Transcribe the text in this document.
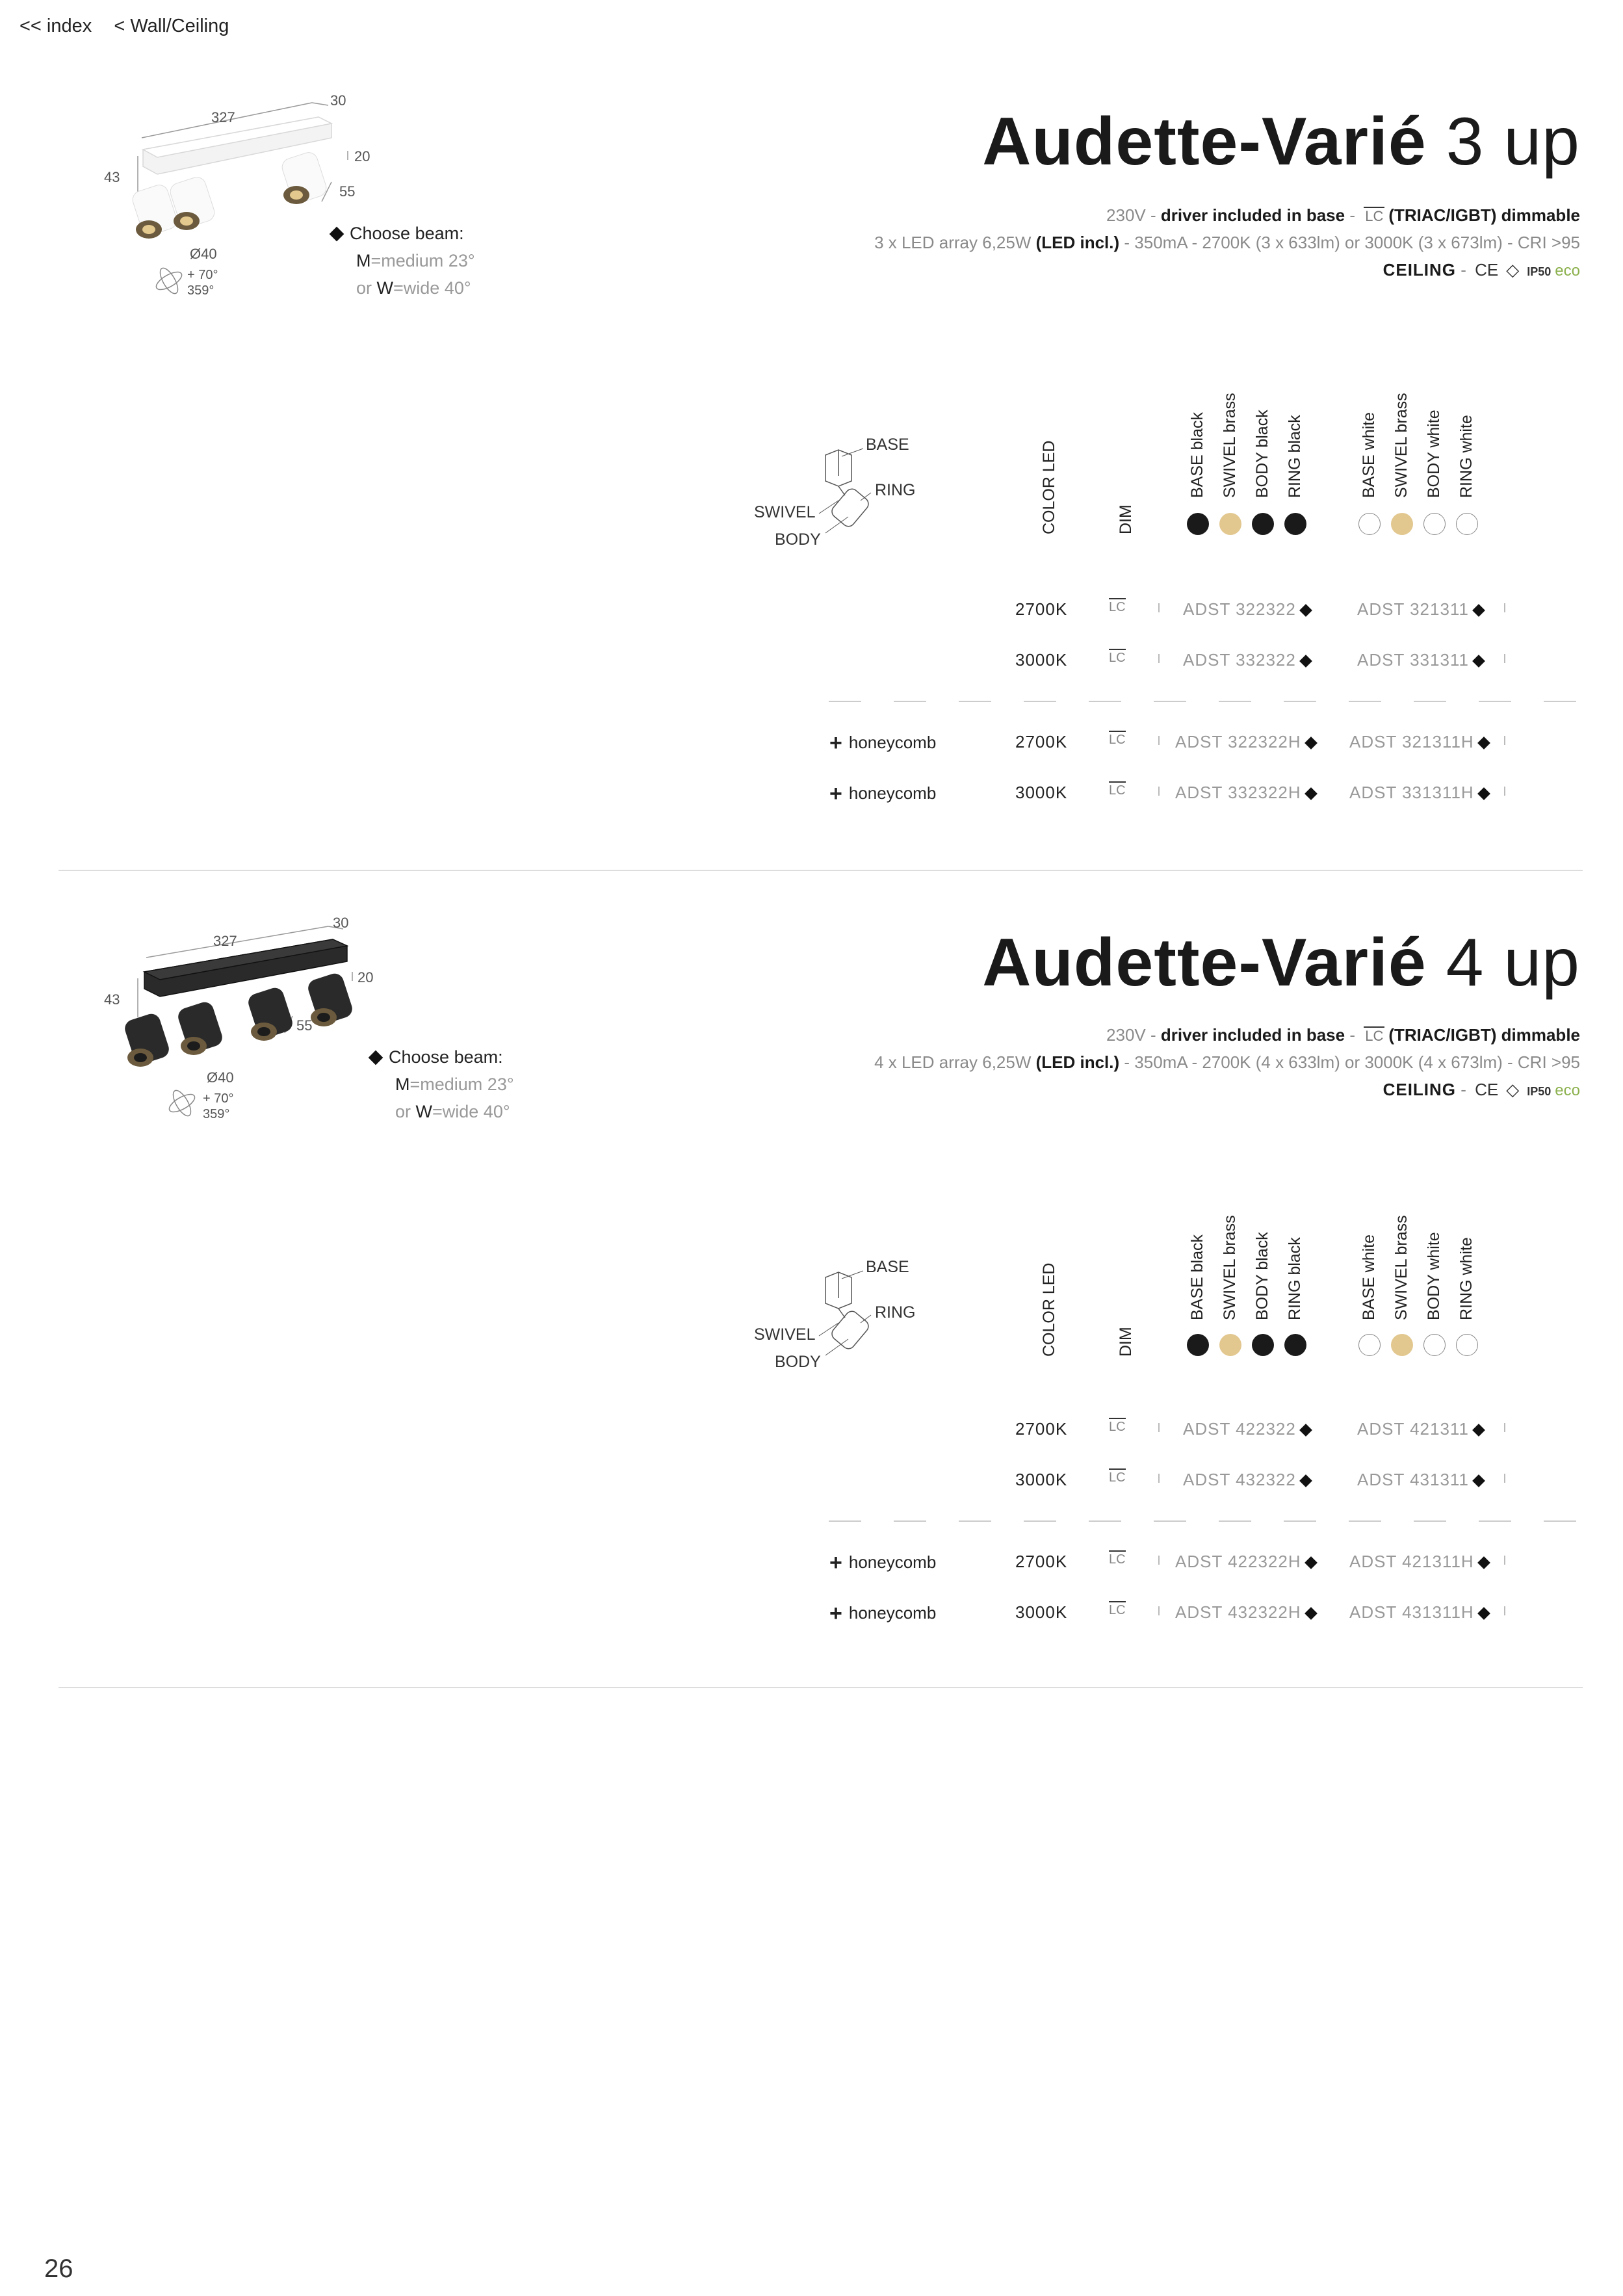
<< index < Wall/Ceiling
327
30
43
20
55
Ø40
+ 70°
359°
Choose beam:
M=medium 23°
or W=wide 40°
Audette-Varié 3 up
230V - driver included in base - LC (TRIAC/IGBT) dimmable
3 x LED array 6,25W (LED incl.) - 350mA - 2700K (3 x 633lm) or 3000K (3 x 673lm) - CRI >95
CEILING - CE ◇ IP50 eco
BASE
RING
SWIVEL
BODY
COLOR LED	DIM
BASE black SWIVEL brass BODY black RING black	BASE white SWIVEL brass BODY white RING white
2700K	LC	ADST 322322	ADST 321311
3000K	LC	ADST 332322	ADST 331311
+ honeycomb	2700K	LC	ADST 322322H	ADST 321311H
+ honeycomb	3000K	LC	ADST 332322H	ADST 331311H
327
30
43
20
55
Ø40
+ 70°
359°
Choose beam:
M=medium 23°
or W=wide 40°
Audette-Varié 4 up
230V - driver included in base - LC (TRIAC/IGBT) dimmable
4 x LED array 6,25W (LED incl.) - 350mA - 2700K (4 x 633lm) or 3000K (4 x 673lm) - CRI >95
CEILING - CE ◇ IP50 eco
BASE
RING
SWIVEL
BODY
COLOR LED	DIM
BASE black SWIVEL brass BODY black RING black	BASE white SWIVEL brass BODY white RING white
2700K	LC	ADST 422322	ADST 421311
3000K	LC	ADST 432322	ADST 431311
+ honeycomb	2700K	LC	ADST 422322H	ADST 421311H
+ honeycomb	3000K	LC	ADST 432322H	ADST 431311H
26
